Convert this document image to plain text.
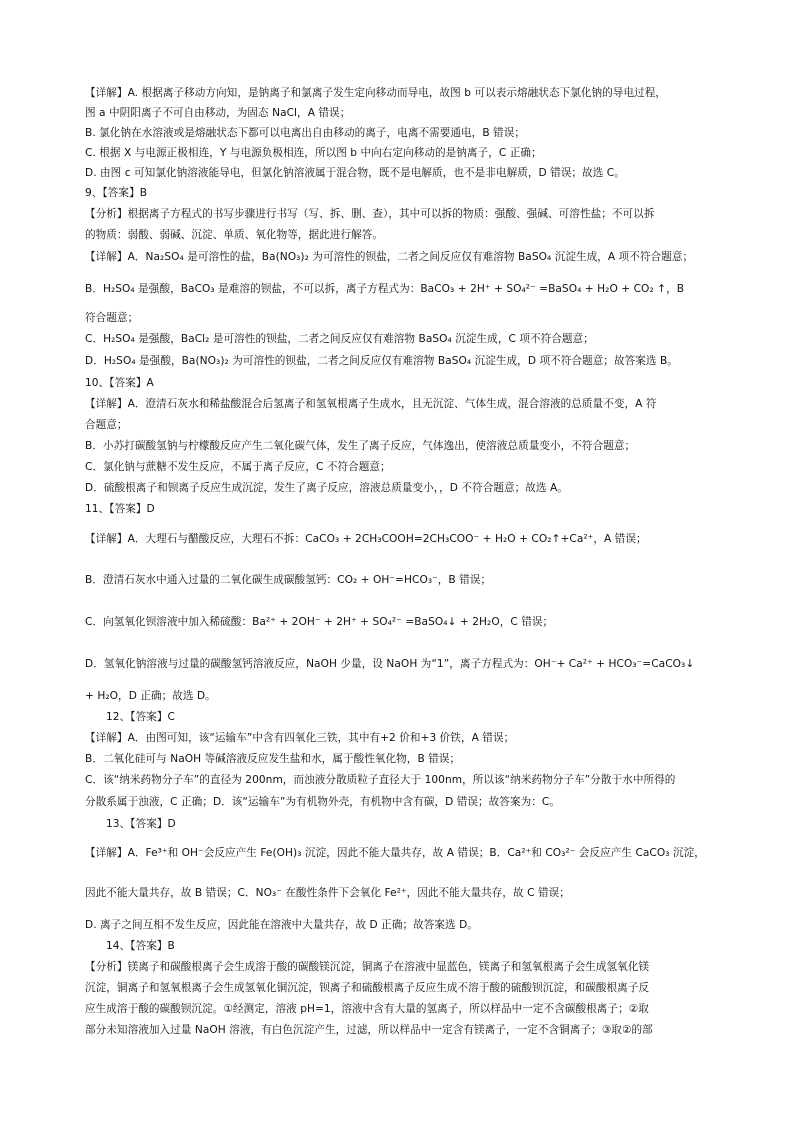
【详解】A. 根据离子移动方向知，是钠离子和氯离子发生定向移动而导电，故图 b 可以表示熔融状态下氯化钠的导电过程，
图 a 中阴阳离子不可自由移动，为固态 NaCl，A 错误；
B. 氯化钠在水溶液或是熔融状态下都可以电离出自由移动的离子，电离不需要通电，B 错误；
C. 根据 X 与电源正极相连，Y 与电源负极相连，所以图 b 中向右定向移动的是钠离子，C 正确；
D. 由图 c 可知氯化钠溶液能导电，但氯化钠溶液属于混合物，既不是电解质，也不是非电解质，D 错误；故选 C。
9、【答案】B
【分析】根据离子方程式的书写步骤进行书写（写、拆、删、查），其中可以拆的物质：强酸、强碱、可溶性盐；不可以拆
的物质：弱酸、弱碱、沉淀、单质、氧化物等，据此进行解答。
【详解】A．Na₂SO₄ 是可溶性的盐，Ba(NO₃)₂ 为可溶性的钡盐，二者之间反应仅有难溶物 BaSO₄ 沉淀生成，A 项不符合题意；
B．H₂SO₄ 是强酸，BaCO₃ 是难溶的钡盐，不可以拆，离子方程式为：BaCO₃ + 2H⁺ + SO₄²⁻ =BaSO₄ + H₂O + CO₂ ↑，B
符合题意；
C．H₂SO₄ 是强酸，BaCl₂ 是可溶性的钡盐，二者之间反应仅有难溶物 BaSO₄ 沉淀生成，C 项不符合题意；
D．H₂SO₄ 是强酸，Ba(NO₃)₂ 为可溶性的钡盐，二者之间反应仅有难溶物 BaSO₄ 沉淀生成，D 项不符合题意；故答案选 B。
10、【答案】A
【详解】A．澄清石灰水和稀盐酸混合后氢离子和氢氧根离子生成水，且无沉淀、气体生成，混合溶液的总质量不变，A 符
合题意；
B．小苏打碳酸氢钠与柠檬酸反应产生二氧化碳气体，发生了离子反应，气体逸出，使溶液总质量变小，不符合题意；
C．氯化钠与蔗糖不发生反应，不属于离子反应，C 不符合题意；
D．硫酸根离子和钡离子反应生成沉淀，发生了离子反应，溶液总质量变小，，D 不符合题意；故选 A。
11、【答案】D
【详解】A．大理石与醋酸反应，大理石不拆：CaCO₃ + 2CH₃COOH=2CH₃COO⁻ + H₂O + CO₂↑+Ca²⁺，A 错误；
B．澄清石灰水中通入过量的二氧化碳生成碳酸氢钙：CO₂ + OH⁻=HCO₃⁻，B 错误；
C．向氢氧化钡溶液中加入稀硫酸：Ba²⁺ + 2OH⁻ + 2H⁺ + SO₄²⁻ =BaSO₄↓ + 2H₂O，C 错误；
D．氢氧化钠溶液与过量的碳酸氢钙溶液反应，NaOH 少量，设 NaOH 为“1”，离子方程式为：OH⁻+ Ca²⁺ + HCO₃⁻=CaCO₃↓
+ H₂O，D 正确；故选 D。
12、【答案】C
【详解】A．由图可知，该“运输车”中含有四氧化三铁，其中有+2 价和+3 价铁，A 错误；
B．二氧化硅可与 NaOH 等碱溶液反应发生盐和水，属于酸性氧化物，B 错误；
C．该“纳米药物分子车”的直径为 200nm，而浊液分散质粒子直径大于 100nm，所以该“纳米药物分子车”分散于水中所得的
分散系属于浊液，C 正确；D．该“运输车”为有机物外壳，有机物中含有碳，D 错误；故答案为：C。
13、【答案】D
【详解】A．Fe³⁺和 OH⁻会反应产生 Fe(OH)₃ 沉淀，因此不能大量共存，故 A 错误；B．Ca²⁺和 CO₃²⁻ 会反应产生 CaCO₃ 沉淀，
因此不能大量共存，故 B 错误；C．NO₃⁻ 在酸性条件下会氧化 Fe²⁺，因此不能大量共存，故 C 错误；
D. 离子之间互相不发生反应，因此能在溶液中大量共存，故 D 正确；故答案选 D。
14、【答案】B
【分析】镁离子和碳酸根离子会生成溶于酸的碳酸镁沉淀，铜离子在溶液中显蓝色，镁离子和氢氧根离子会生成氢氧化镁
沉淀，铜离子和氢氧根离子会生成氢氧化铜沉淀，钡离子和硫酸根离子反应生成不溶于酸的硫酸钡沉淀，和碳酸根离子反
应生成溶于酸的碳酸钡沉淀。①经测定，溶液 pH=1，溶液中含有大量的氢离子，所以样品中一定不含碳酸根离子；②取
部分未知溶液加入过量 NaOH 溶液，有白色沉淀产生，过滤，所以样品中一定含有镁离子，一定不含铜离子；③取②的部
